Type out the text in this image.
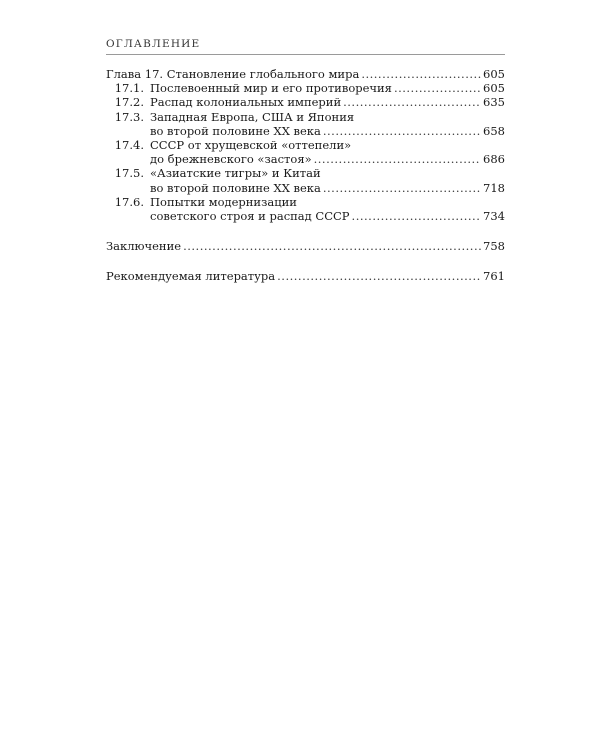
ОГЛАВЛЕНИЕ
Глава 17. Становление глобального мира .....	605
17.1. Послевоенный мир и его противоречия .....	605
17.2. Распад колониальных империй .....	635
17.3. Западная Европа, США и Япония
во второй половине XX века .....	658
17.4. СССР от хрущевской «оттепели»
до брежневского «застоя» .....	686
17.5. «Азиатские тигры» и Китай
во второй половине XX века .....	718
17.6. Попытки модернизации
советского строя и распад СССР .....	734
Заключение .....	758
Рекомендуемая литература .....	761
